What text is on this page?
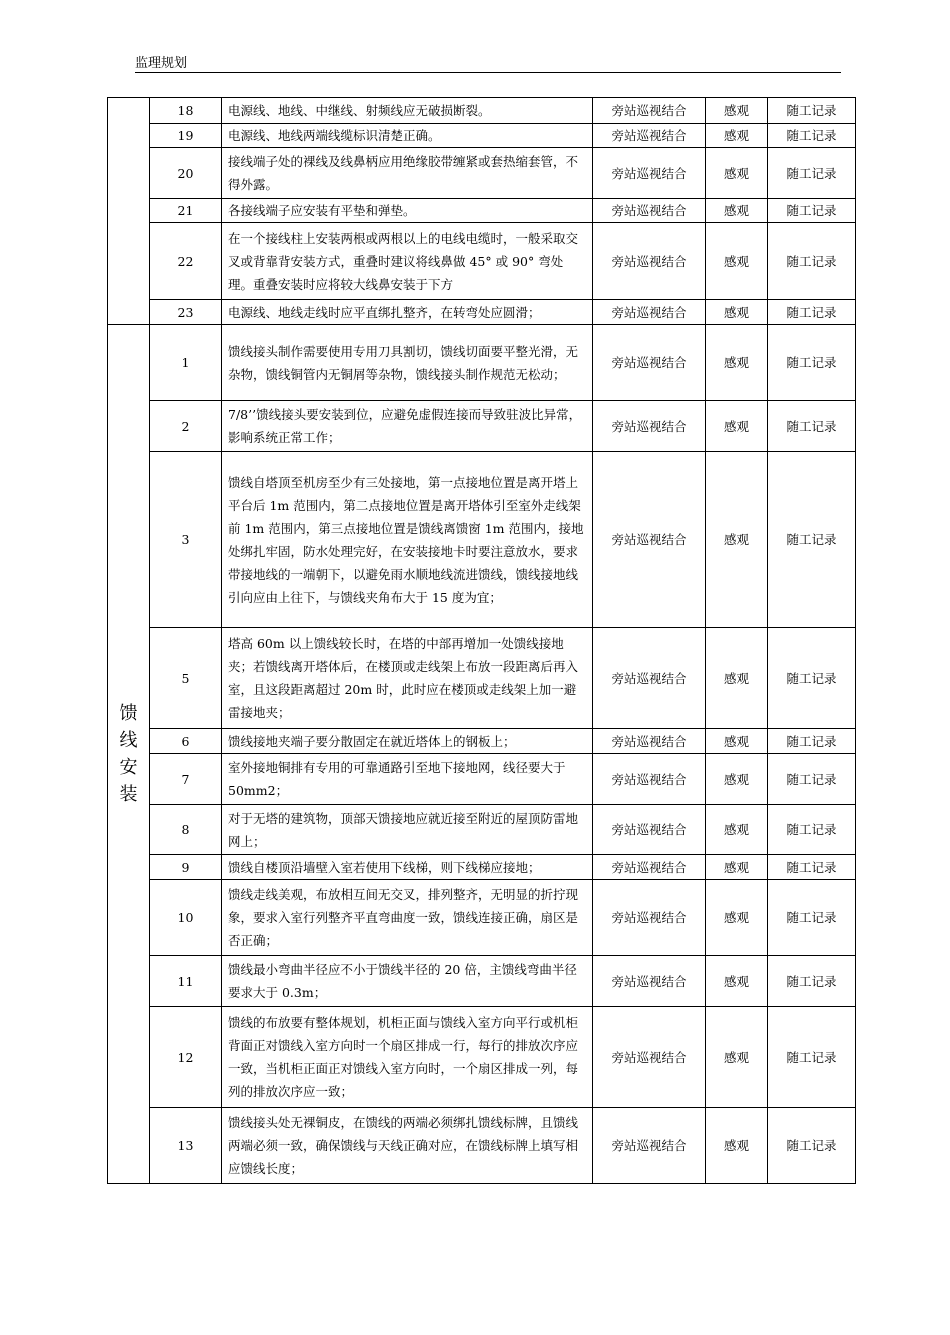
监理规划
	18	电源线、地线、中继线、射频线应无破损断裂。	旁站巡视结合	感观	随工记录
	19	电源线、地线两端线缆标识清楚正确。	旁站巡视结合	感观	随工记录
	20	接线端子处的裸线及线鼻柄应用绝缘胶带缠紧或套热缩套管，不得外露。	旁站巡视结合	感观	随工记录
	21	各接线端子应安装有平垫和弹垫。	旁站巡视结合	感观	随工记录
	22	在一个接线柱上安装两根或两根以上的电线电缆时，一般采取交叉或背靠背安装方式，重叠时建议将线鼻做 45° 或 90° 弯处理。重叠安装时应将较大线鼻安装于下方	旁站巡视结合	感观	随工记录
	23	电源线、地线走线时应平直绑扎整齐，在转弯处应圆滑；	旁站巡视结合	感观	随工记录

馈
线
安
装	1	馈线接头制作需要使用专用刀具割切，馈线切面要平整光滑，无杂物，馈线铜管内无铜屑等杂物，馈线接头制作规范无松动；	旁站巡视结合	感观	随工记录
	2	7/8’’馈线接头要安装到位，应避免虚假连接而导致驻波比异常，影响系统正常工作；	旁站巡视结合	感观	随工记录
	3	馈线自塔顶至机房至少有三处接地，第一点接地位置是离开塔上平台后 1m 范围内，第二点接地位置是离开塔体引至室外走线架前 1m 范围内，第三点接地位置是馈线离馈窗 1m 范围内，接地处绑扎牢固，防水处理完好，在安装接地卡时要注意放水，要求带接地线的一端朝下，以避免雨水顺地线流进馈线，馈线接地线引向应由上往下，与馈线夹角布大于 15 度为宜；	旁站巡视结合	感观	随工记录
	5	塔高 60m 以上馈线较长时，在塔的中部再增加一处馈线接地夹；若馈线离开塔体后，在楼顶或走线架上布放一段距离后再入室，且这段距离超过 20m 时，此时应在楼顶或走线架上加一避雷接地夹；	旁站巡视结合	感观	随工记录
	6	馈线接地夹端子要分散固定在就近塔体上的钢板上；	旁站巡视结合	感观	随工记录
	7	室外接地铜排有专用的可靠通路引至地下接地网，线径要大于 50mm2；	旁站巡视结合	感观	随工记录
	8	对于无塔的建筑物，顶部天馈接地应就近接至附近的屋顶防雷地网上；	旁站巡视结合	感观	随工记录
	9	馈线自楼顶沿墙壁入室若使用下线梯，则下线梯应接地；	旁站巡视结合	感观	随工记录
	10	馈线走线美观，布放相互间无交叉，排列整齐，无明显的折拧现象，要求入室行列整齐平直弯曲度一致，馈线连接正确，扇区是否正确；	旁站巡视结合	感观	随工记录
	11	馈线最小弯曲半径应不小于馈线半径的 20 倍，主馈线弯曲半径要求大于 0.3m；	旁站巡视结合	感观	随工记录
	12	馈线的布放要有整体规划，机柜正面与馈线入室方向平行或机柜背面正对馈线入室方向时一个扇区排成一行，每行的排放次序应一致，当机柜正面正对馈线入室方向时，一个扇区排成一列，每列的排放次序应一致；	旁站巡视结合	感观	随工记录
	13	馈线接头处无裸铜皮，在馈线的两端必须绑扎馈线标牌，且馈线两端必须一致，确保馈线与天线正确对应，在馈线标牌上填写相应馈线长度；	旁站巡视结合	感观	随工记录
